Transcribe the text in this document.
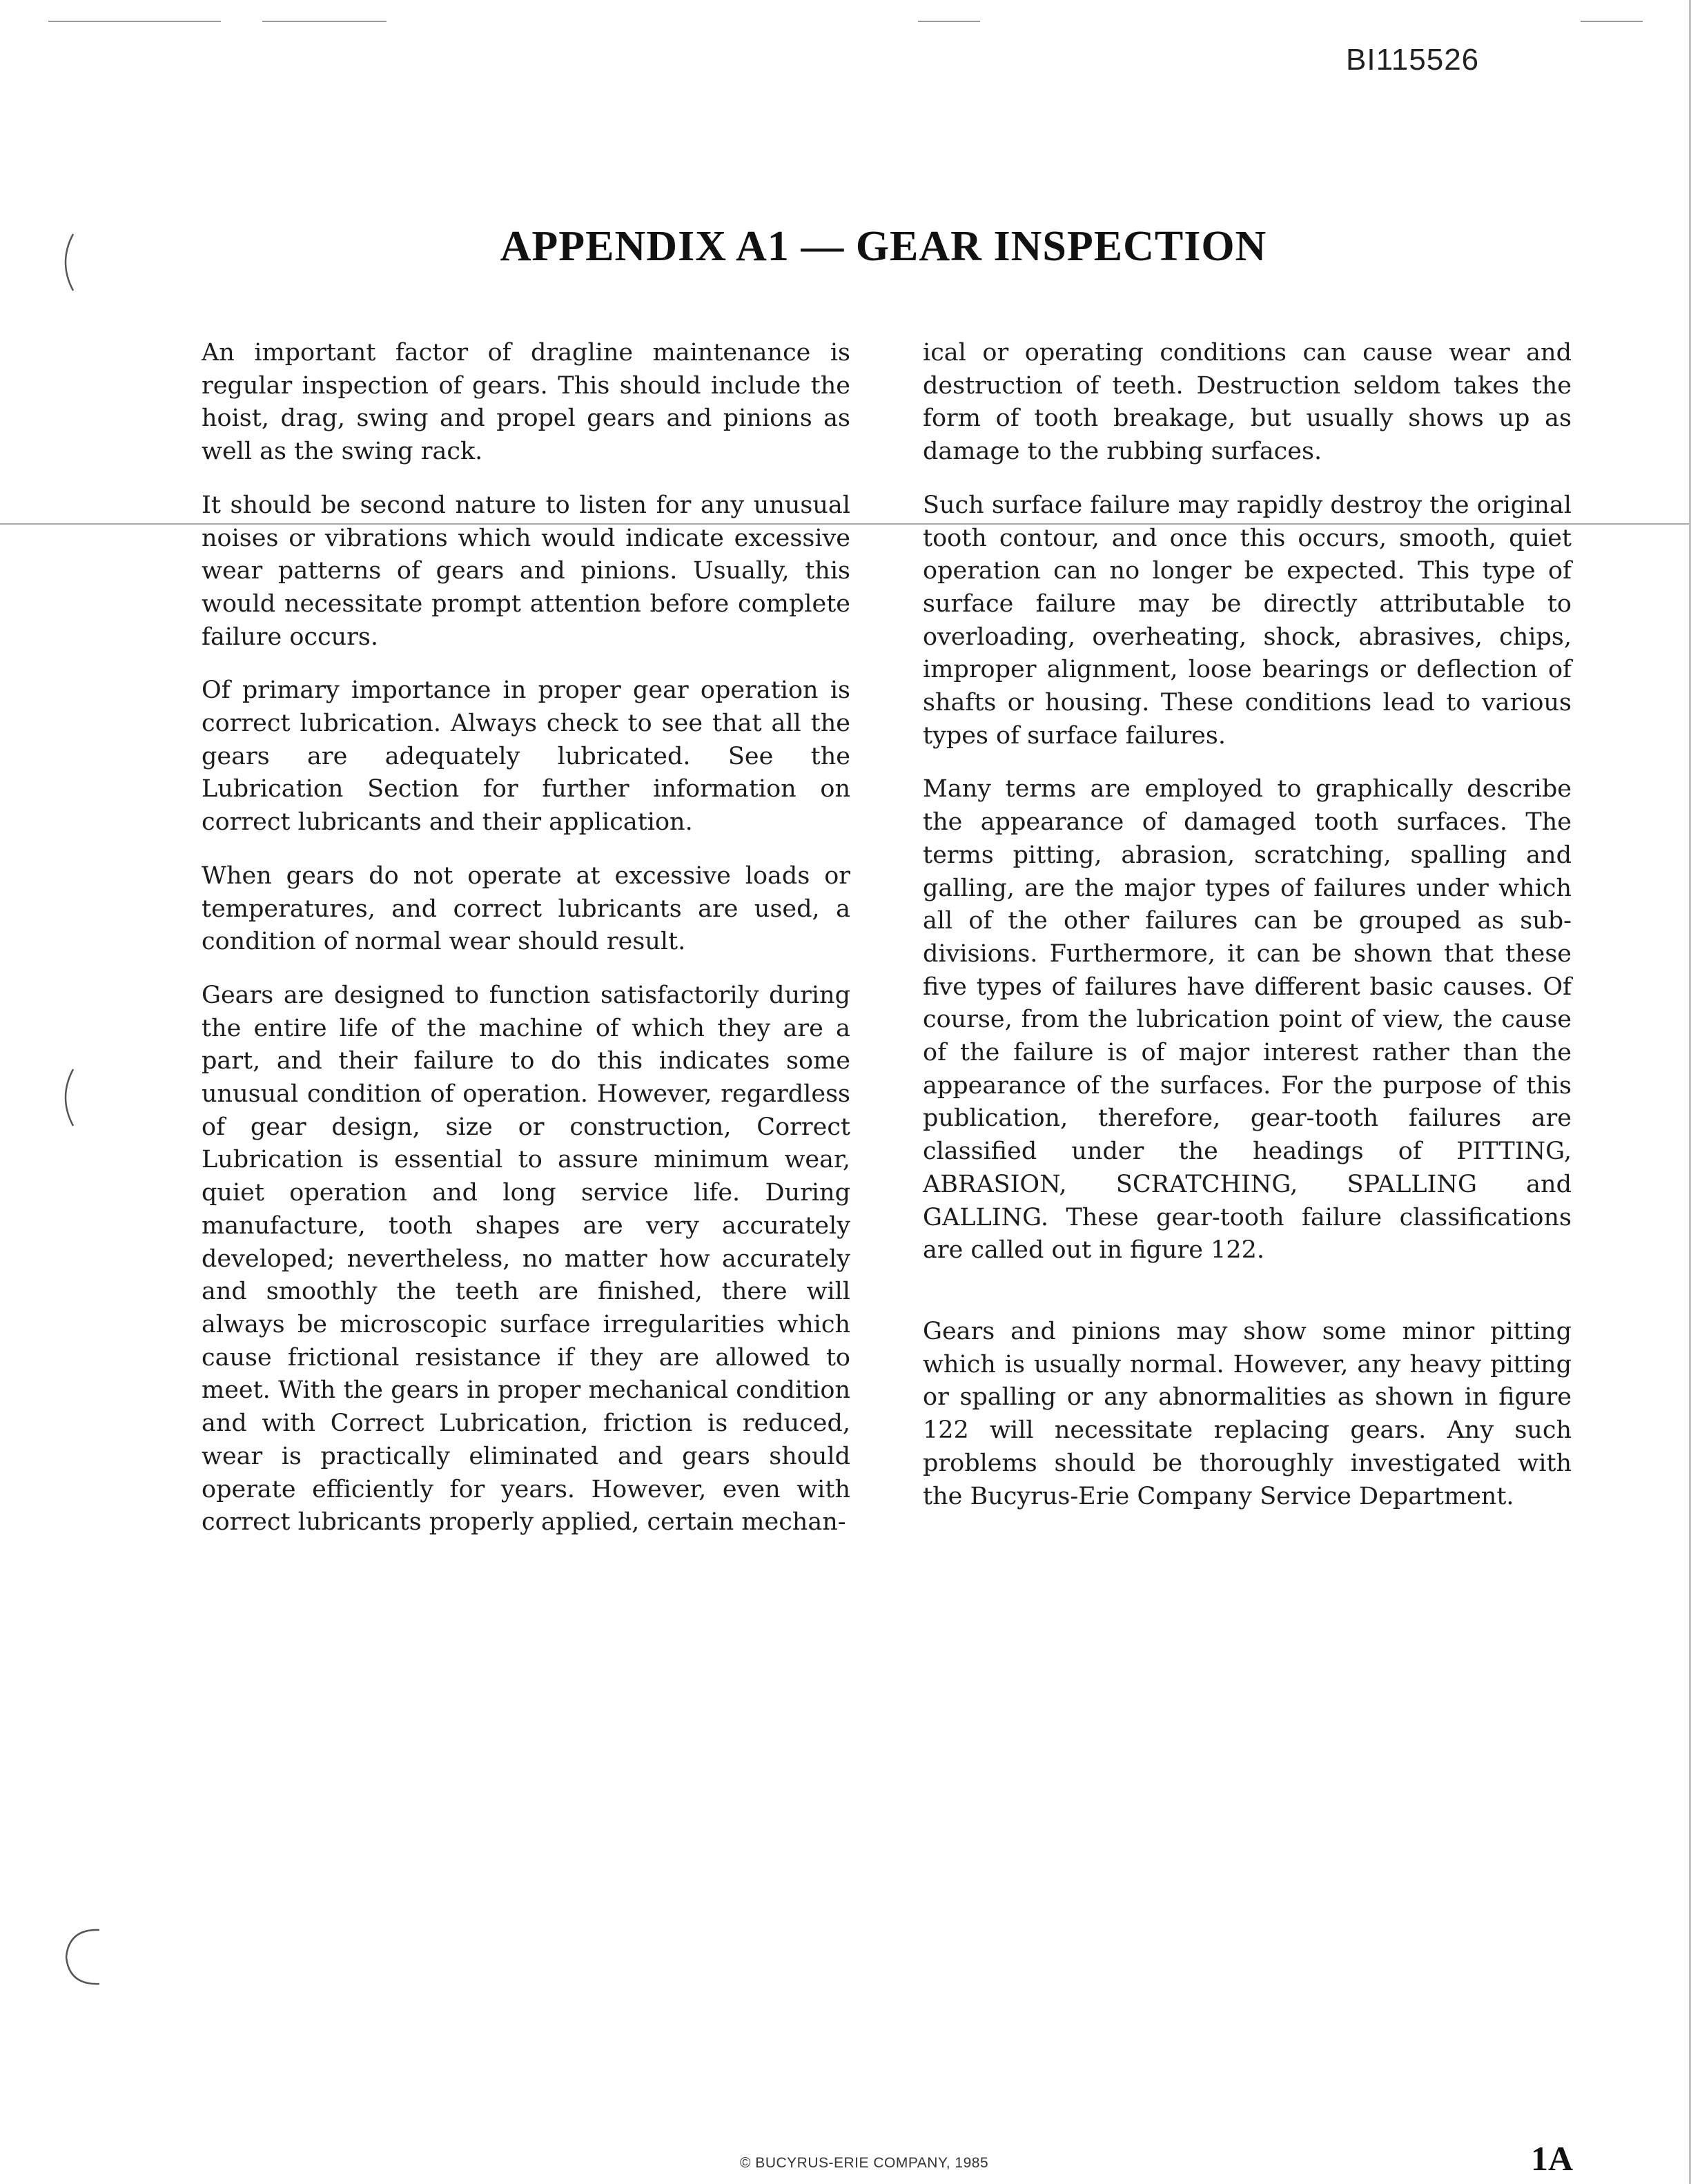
BI115526
APPENDIX A1 — GEAR INSPECTION

An important factor of dragline maintenance is regular inspection of gears. This should include the hoist, drag, swing and propel gears and pinions as well as the swing rack.

It should be second nature to listen for any unusual noises or vibrations which would indicate excessive wear patterns of gears and pinions. Usually, this would necessitate prompt attention before complete failure occurs.

Of primary importance in proper gear operation is correct lubrication. Always check to see that all the gears are adequately lubricated. See the Lubrication Section for further information on correct lubricants and their application.

When gears do not operate at excessive loads or temperatures, and correct lubricants are used, a condition of normal wear should result.

Gears are designed to function satisfactorily during the entire life of the machine of which they are a part, and their failure to do this indicates some unusual condition of operation. However, regardless of gear design, size or construction, Correct Lubrication is essential to assure minimum wear, quiet operation and long service life. During manufacture, tooth shapes are very accurately developed; nevertheless, no matter how accurately and smoothly the teeth are finished, there will always be microscopic surface irregularities which cause frictional resistance if they are allowed to meet. With the gears in proper mechanical condition and with Correct Lubrication, friction is reduced, wear is practically eliminated and gears should operate efficiently for years. However, even with correct lubricants properly applied, certain mechan-

ical or operating conditions can cause wear and destruction of teeth. Destruction seldom takes the form of tooth breakage, but usually shows up as damage to the rubbing surfaces.

Such surface failure may rapidly destroy the original tooth contour, and once this occurs, smooth, quiet operation can no longer be expected. This type of surface failure may be directly attributable to overloading, overheating, shock, abrasives, chips, improper alignment, loose bearings or deflection of shafts or housing. These conditions lead to various types of surface failures.

Many terms are employed to graphically describe the appearance of damaged tooth surfaces. The terms pitting, abrasion, scratching, spalling and galling, are the major types of failures under which all of the other failures can be grouped as sub-divisions. Furthermore, it can be shown that these five types of failures have different basic causes. Of course, from the lubrication point of view, the cause of the failure is of major interest rather than the appearance of the surfaces. For the purpose of this publication, therefore, gear-tooth failures are classified under the headings of PITTING, ABRASION, SCRATCHING, SPALLING and GALLING. These gear-tooth failure classifications are called out in figure 122.

Gears and pinions may show some minor pitting which is usually normal. However, any heavy pitting or spalling or any abnormalities as shown in figure 122 will necessitate replacing gears. Any such problems should be thoroughly investigated with the Bucyrus-Erie Company Service Department.

© BUCYRUS-ERIE COMPANY, 1985	1A
